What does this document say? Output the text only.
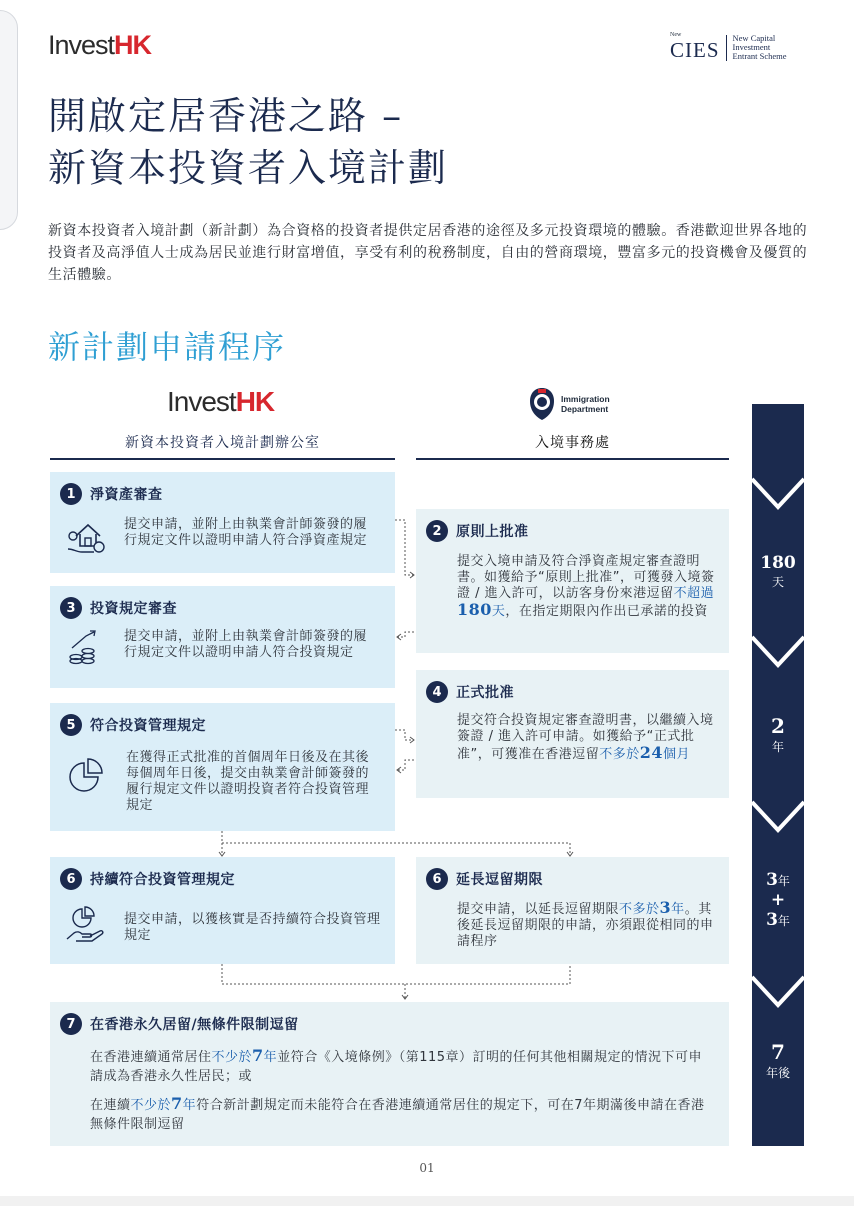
InvestHK	New
CIES New Capital
Investment
Entrant Scheme
開啟定居香港之路 –
新資本投資者入境計劃
新資本投資者入境計劃（新計劃）為合資格的投資者提供定居香港的途徑及多元投資環境的體驗。香港歡迎世界各地的投資者及高淨值人士成為居民並進行財富增值，享受有利的稅務制度，自由的營商環境，豐富多元的投資機會及優質的生活體驗。
新計劃申請程序
InvestHK	Immigration
Department
新資本投資者入境計劃辦公室	入境事務處
1	淨資產審查
提交申請，並附上由執業會計師簽發的履行規定文件以證明申請人符合淨資產規定
3	投資規定審查
提交申請，並附上由執業會計師簽發的履行規定文件以證明申請人符合投資規定
5	符合投資管理規定
在獲得正式批准的首個周年日後及在其後每個周年日後，提交由執業會計師簽發的履行規定文件以證明投資者符合投資管理規定
2	原則上批准
提交入境申請及符合淨資產規定審查證明書。如獲給予“原則上批准”，可獲發入境簽證 / 進入許可，以訪客身份來港逗留不超過180天，在指定期限內作出已承諾的投資
4	正式批准
提交符合投資規定審查證明書，以繼續入境簽證 / 進入許可申請。如獲給予“正式批准”，可獲准在香港逗留不多於24個月
6	持續符合投資管理規定
提交申請，以獲核實是否持續符合投資管理規定
6	延長逗留期限
提交申請，以延長逗留期限不多於3年。其後延長逗留期限的申請，亦須跟從相同的申請程序
7	在香港永久居留/無條件限制逗留
在香港連續通常居住不少於7年並符合《入境條例》（第115章）訂明的任何其他相關規定的情況下可申請成為香港永久性居民；或
在連續不少於7年符合新計劃規定而未能符合在香港連續通常居住的規定下，可在7年期滿後申請在香港無條件限制逗留
180
天
2
年
3年
+
3年
7
年後
01
